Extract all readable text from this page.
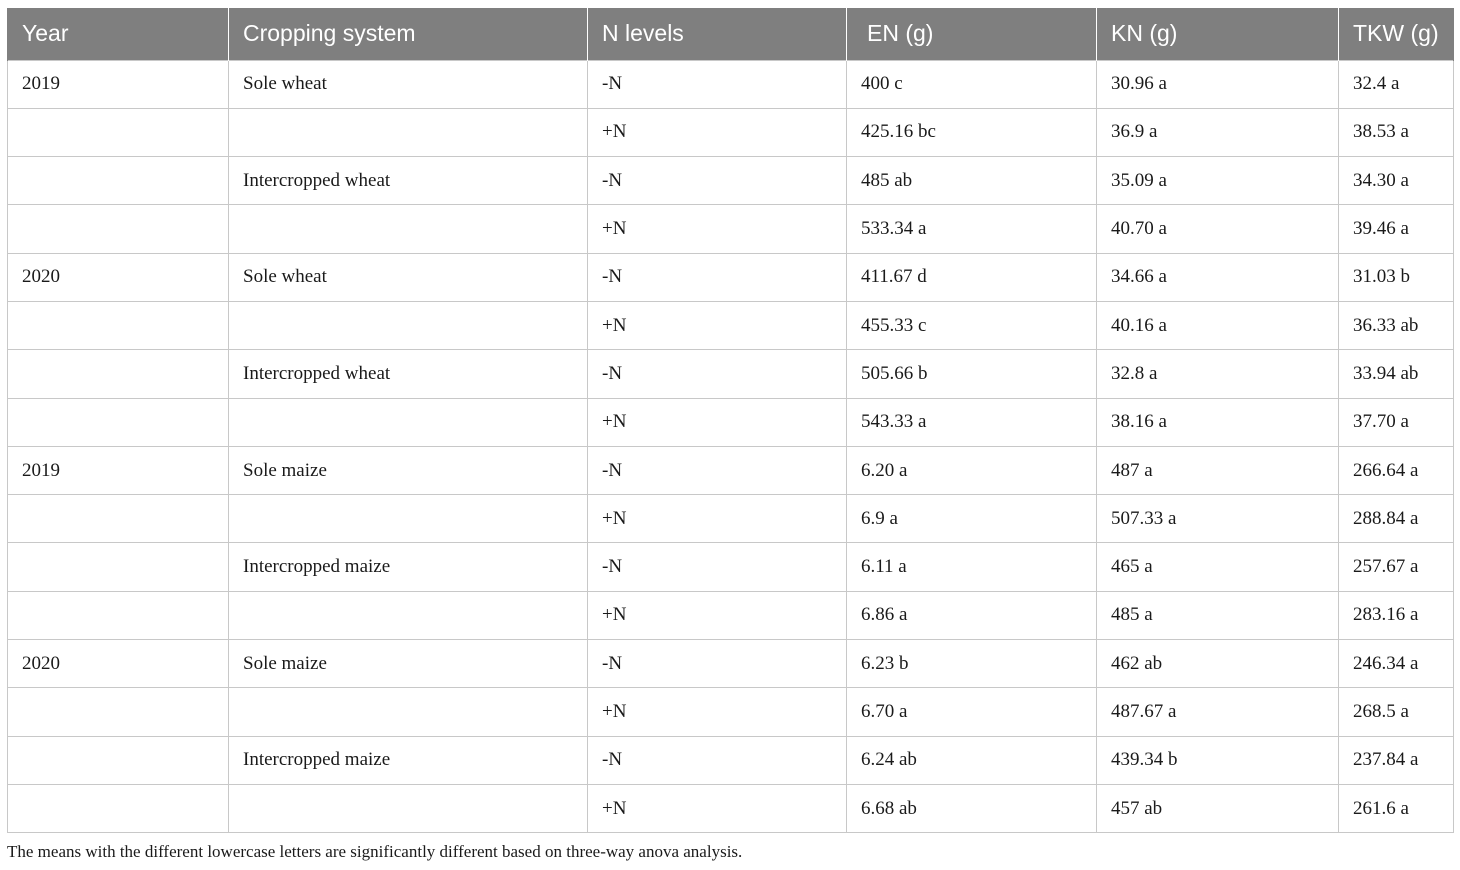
Year	Cropping system	N levels	EN (g)	KN (g)	TKW (g)
2019	Sole wheat	-N	400 c	30.96 a	32.4 a
		+N	425.16 bc	36.9 a	38.53 a
	Intercropped wheat	-N	485 ab	35.09 a	34.30 a
		+N	533.34 a	40.70 a	39.46 a
2020	Sole wheat	-N	411.67 d	34.66 a	31.03 b
		+N	455.33 c	40.16 a	36.33 ab
	Intercropped wheat	-N	505.66 b	32.8 a	33.94 ab
		+N	543.33 a	38.16 a	37.70 a
2019	Sole maize	-N	6.20 a	487 a	266.64 a
		+N	6.9 a	507.33 a	288.84 a
	Intercropped maize	-N	6.11 a	465 a	257.67 a
		+N	6.86 a	485 a	283.16 a
2020	Sole maize	-N	6.23 b	462 ab	246.34 a
		+N	6.70 a	487.67 a	268.5 a
	Intercropped maize	-N	6.24 ab	439.34 b	237.84 a
		+N	6.68 ab	457 ab	261.6 a
The means with the different lowercase letters are significantly different based on three-way anova analysis.
